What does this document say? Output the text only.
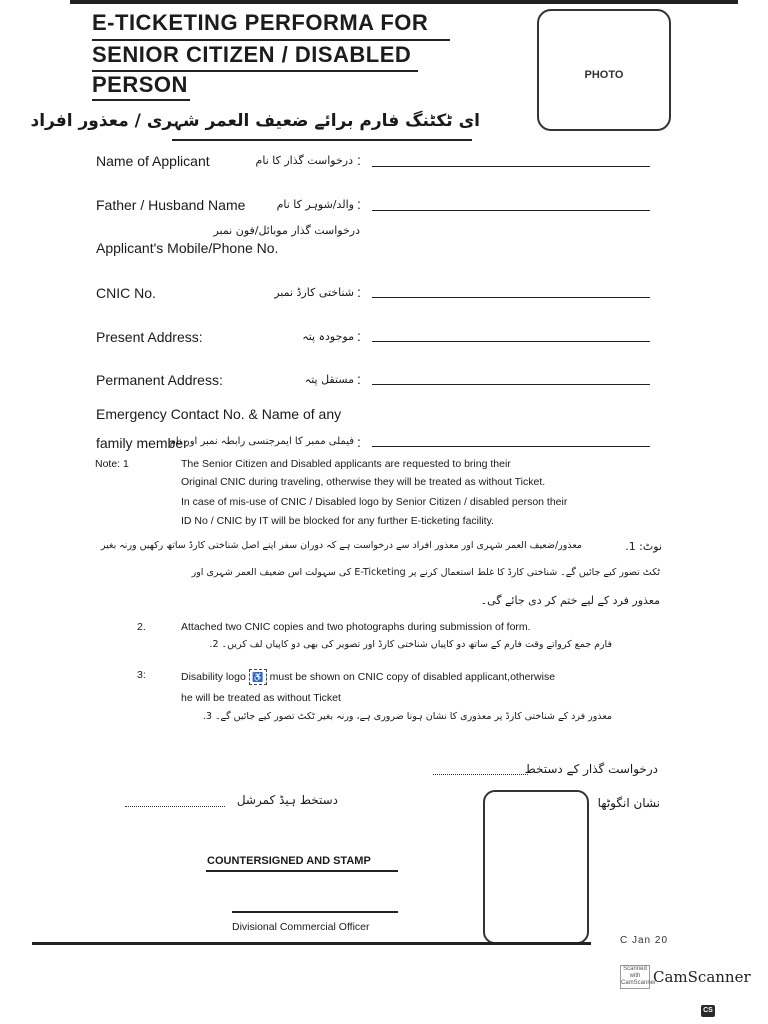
E-TICKETING PERFORMA FOR
SENIOR CITIZEN / DISABLED
PERSON	PHOTO
ای ٹکٹنگ فارم برائے ضعیف العمر شہری / معذور افراد
Name of Applicant	درخواست گذار کا نام :
Father / Husband Name	والد/شوہر کا نام :
درخواست گذار موبائل/فون نمبر
Applicant's Mobile/Phone No.
CNIC No.	شناختی کارڈ نمبر :
Present Address:	موجودہ پتہ :
Permanent Address:	مستقل پتہ :
Emergency Contact No. & Name of any
family member
فیملی ممبر کا ایمرجنسی رابطہ نمبر اور نام :
Note: 1	The Senior Citizen and Disabled applicants are requested to bring their
Original CNIC during traveling, otherwise they will be treated as without Ticket.
In case of mis-use of CNIC / Disabled logo by Senior Citizen / disabled person their
ID No / CNIC by IT will be blocked for any further E-ticketing facility.
نوٹ: 1.
معذور/ضعیف العمر شہری اور معذور افراد سے درخواست ہے کہ دوران سفر اپنے اصل شناختی کارڈ ساتھ رکھیں ورنہ بغیر
ٹکٹ تصور کیے جائیں گے۔ شناختی کارڈ کا غلط استعمال کرنے پر E-Ticketing کی سہولت اس ضعیف العمر شہری اور
معذور فرد کے لیے ختم کر دی جائے گی۔
2.	Attached two CNIC copies and two photographs during submission of form.
فارم جمع کرواتے وقت فارم کے ساتھ دو کاپیاں شناختی کارڈ اور تصویر کی بھی دو کاپیاں لف کریں۔ 2.
3:	Disability logo ♿ must be shown on CNIC copy of disabled applicant,otherwise
he will be treated as without Ticket
معذور فرد کے شناختی کارڈ پر معذوری کا نشان ہونا ضروری ہے، ورنہ بغیر ٹکٹ تصور کیے جائیں گے۔ 3.
درخواست گذار کے دستخط
نشان انگوٹھا
دستخط ہیڈ کمرشل
COUNTERSIGNED AND STAMP
Divisional Commercial Officer
C Jan 20
Scanned with CamScanner
CamScanner
CS
